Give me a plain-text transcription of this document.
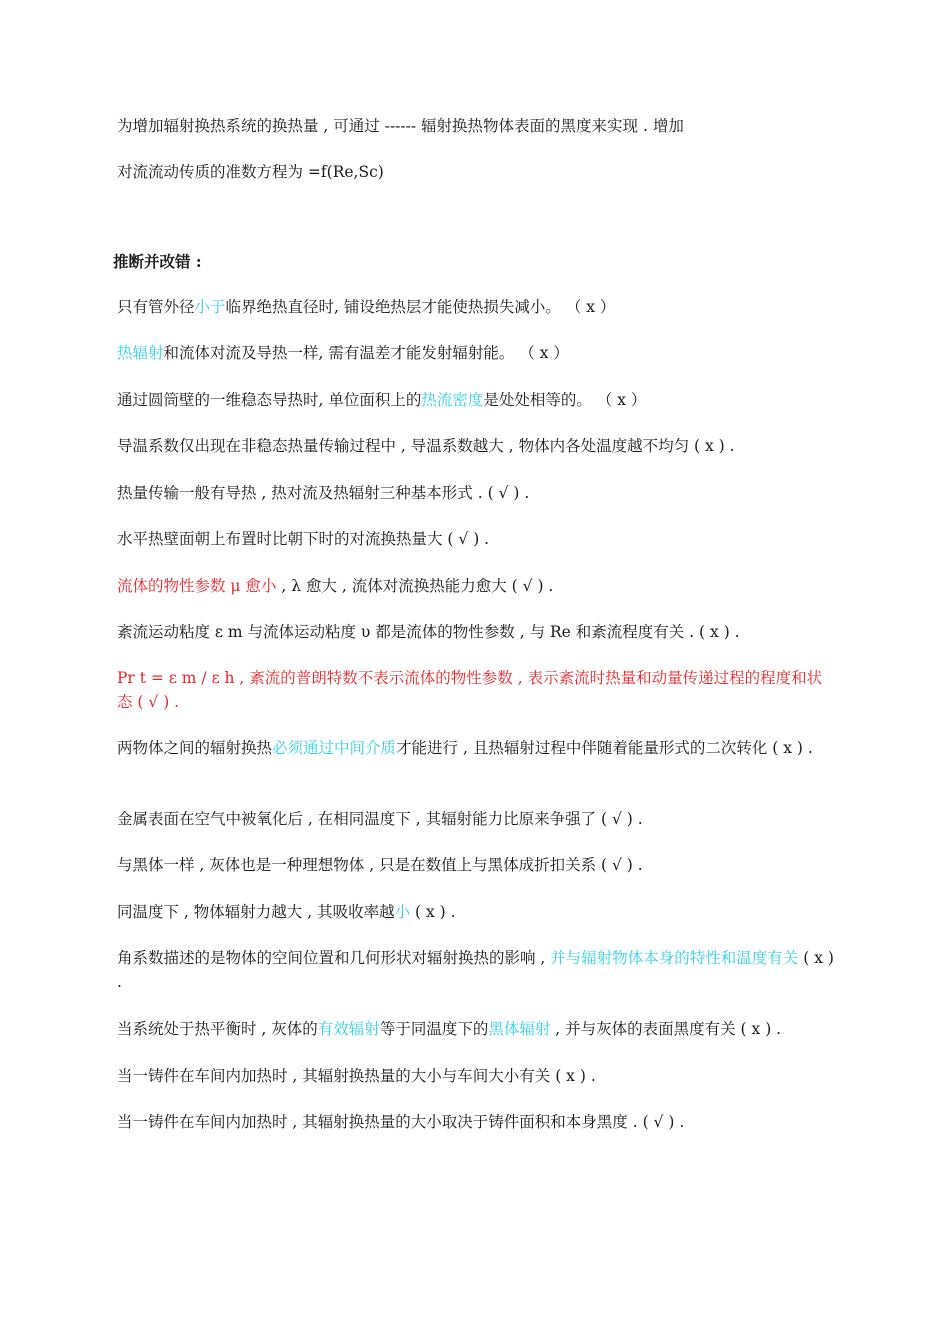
为增加辐射换热系统的换热量 , 可通过 ------ 辐射换热物体表面的黑度来实现 . 增加
对流流动传质的准数方程为 =f(Re,Sc)
推断并改错 :
只有管外径小于临界绝热直径时, 铺设绝热层才能使热损失减小。 （ x ）
热辐射和流体对流及导热一样, 需有温差才能发射辐射能。 （ x ）
通过圆筒壁的一维稳态导热时, 单位面积上的热流密度是处处相等的。 （ x ）
导温系数仅出现在非稳态热量传输过程中 , 导温系数越大 , 物体内各处温度越不均匀 ( x ) .
热量传输一般有导热 , 热对流及热辐射三种基本形式 . ( √ ) .
水平热壁面朝上布置时比朝下时的对流换热量大 ( √ ) .
流体的物性参数 μ 愈小 , λ 愈大 , 流体对流换热能力愈大 ( √ ) .
紊流运动粘度 ε m 与流体运动粘度 υ 都是流体的物性参数 , 与 Re 和紊流程度有关 . ( x ) .
Pr t = ε m / ε h , 紊流的普朗特数不表示流体的物性参数 , 表示紊流时热量和动量传递过程的程度和状态 ( √ ) .
两物体之间的辐射换热必须通过中间介质才能进行 , 且热辐射过程中伴随着能量形式的二次转化 ( x ) .
金属表面在空气中被氧化后 , 在相同温度下 , 其辐射能力比原来争强了 ( √ ) .
与黑体一样 , 灰体也是一种理想物体 , 只是在数值上与黑体成折扣关系 ( √ ) .
同温度下 , 物体辐射力越大 , 其吸收率越小 ( x ) .
角系数描述的是物体的空间位置和几何形状对辐射换热的影响 , 并与辐射物体本身的特性和温度有关 ( x ) .
当系统处于热平衡时 , 灰体的有效辐射等于同温度下的黑体辐射 , 并与灰体的表面黑度有关 ( x ) .
当一铸件在车间内加热时 , 其辐射换热量的大小与车间大小有关 ( x ) .
当一铸件在车间内加热时 , 其辐射换热量的大小取决于铸件面积和本身黑度 . ( √ ) .
